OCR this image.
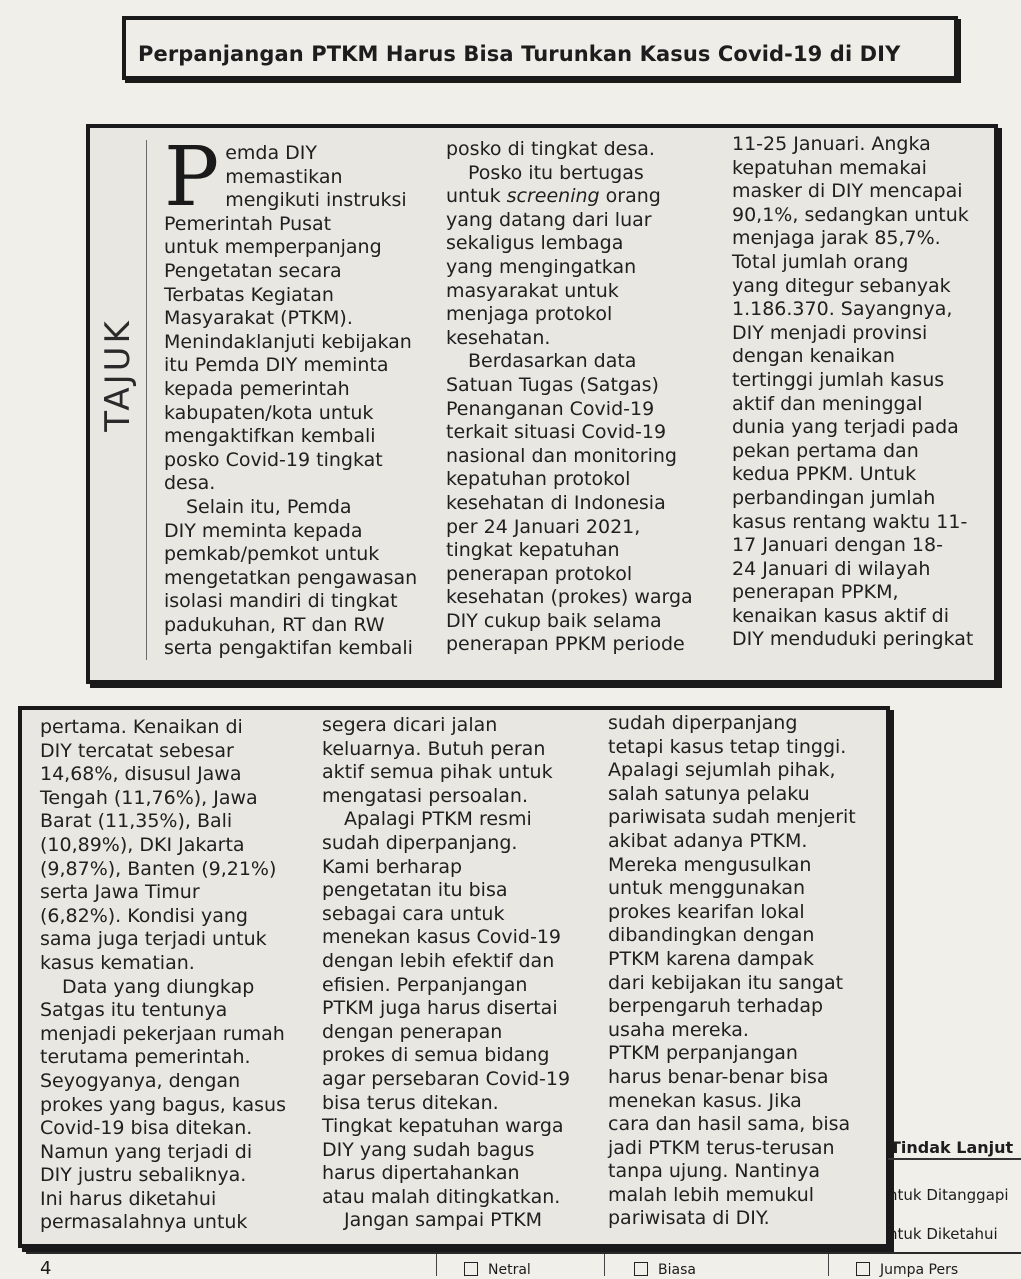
Perpanjangan PTKM Harus Bisa Turunkan Kasus Covid-19 di DIY
TAJUK
P emda DIY

memastikan

mengikuti instruksi

Pemerintah Pusat

untuk memperpanjang

Pengetatan secara

Terbatas Kegiatan

Masyarakat (PTKM).

Menindaklanjuti kebijakan

itu Pemda DIY meminta

kepada pemerintah

kabupaten/kota untuk

mengaktifkan kembali

posko Covid-19 tingkat

desa.

Selain itu, Pemda

DIY meminta kepada

pemkab/pemkot untuk

mengetatkan pengawasan

isolasi mandiri di tingkat

padukuhan, RT dan RW

serta pengaktifan kembali

posko di tingkat desa.

Posko itu bertugas

untuk screening orang

yang datang dari luar

sekaligus lembaga

yang mengingatkan

masyarakat untuk

menjaga protokol

kesehatan.

Berdasarkan data

Satuan Tugas (Satgas)

Penanganan Covid-19

terkait situasi Covid-19

nasional dan monitoring

kepatuhan protokol

kesehatan di Indonesia

per 24 Januari 2021,

tingkat kepatuhan

penerapan protokol

kesehatan (prokes) warga

DIY cukup baik selama

penerapan PPKM periode

11-25 Januari. Angka

kepatuhan memakai

masker di DIY mencapai

90,1%, sedangkan untuk

menjaga jarak 85,7%.

Total jumlah orang

yang ditegur sebanyak

1.186.370. Sayangnya,

DIY menjadi provinsi

dengan kenaikan

tertinggi jumlah kasus

aktif dan meninggal

dunia yang terjadi pada

pekan pertama dan

kedua PPKM. Untuk

perbandingan jumlah

kasus rentang waktu 11-

17 Januari dengan 18-

24 Januari di wilayah

penerapan PPKM,

kenaikan kasus aktif di

DIY menduduki peringkat

pertama. Kenaikan di

DIY tercatat sebesar

14,68%, disusul Jawa

Tengah (11,76%), Jawa

Barat (11,35%), Bali

(10,89%), DKI Jakarta

(9,87%), Banten (9,21%)

serta Jawa Timur

(6,82%). Kondisi yang

sama juga terjadi untuk

kasus kematian.

Data yang diungkap

Satgas itu tentunya

menjadi pekerjaan rumah

terutama pemerintah.

Seyogyanya, dengan

prokes yang bagus, kasus

Covid-19 bisa ditekan.

Namun yang terjadi di

DIY justru sebaliknya.

Ini harus diketahui

permasalahnya untuk

segera dicari jalan

keluarnya. Butuh peran

aktif semua pihak untuk

mengatasi persoalan.

Apalagi PTKM resmi

sudah diperpanjang.

Kami berharap

pengetatan itu bisa

sebagai cara untuk

menekan kasus Covid-19

dengan lebih efektif dan

efisien. Perpanjangan

PTKM juga harus disertai

dengan penerapan

prokes di semua bidang

agar persebaran Covid-19

bisa terus ditekan.

Tingkat kepatuhan warga

DIY yang sudah bagus

harus dipertahankan

atau malah ditingkatkan.

Jangan sampai PTKM

sudah diperpanjang

tetapi kasus tetap tinggi.

Apalagi sejumlah pihak,

salah satunya pelaku

pariwisata sudah menjerit

akibat adanya PTKM.

Mereka mengusulkan

untuk menggunakan

prokes kearifan lokal

dibandingkan dengan

PTKM karena dampak

dari kebijakan itu sangat

berpengaruh terhadap

usaha mereka.

PTKM perpanjangan

harus benar-benar bisa

menekan kasus. Jika

cara dan hasil sama, bisa

jadi PTKM terus-terusan

tanpa ujung. Nantinya

malah lebih memukul

pariwisata di DIY.

Tindak Lanjut
ntuk Ditanggapi
ntuk Diketahui
4	Netral	Biasa	Jumpa Pers
